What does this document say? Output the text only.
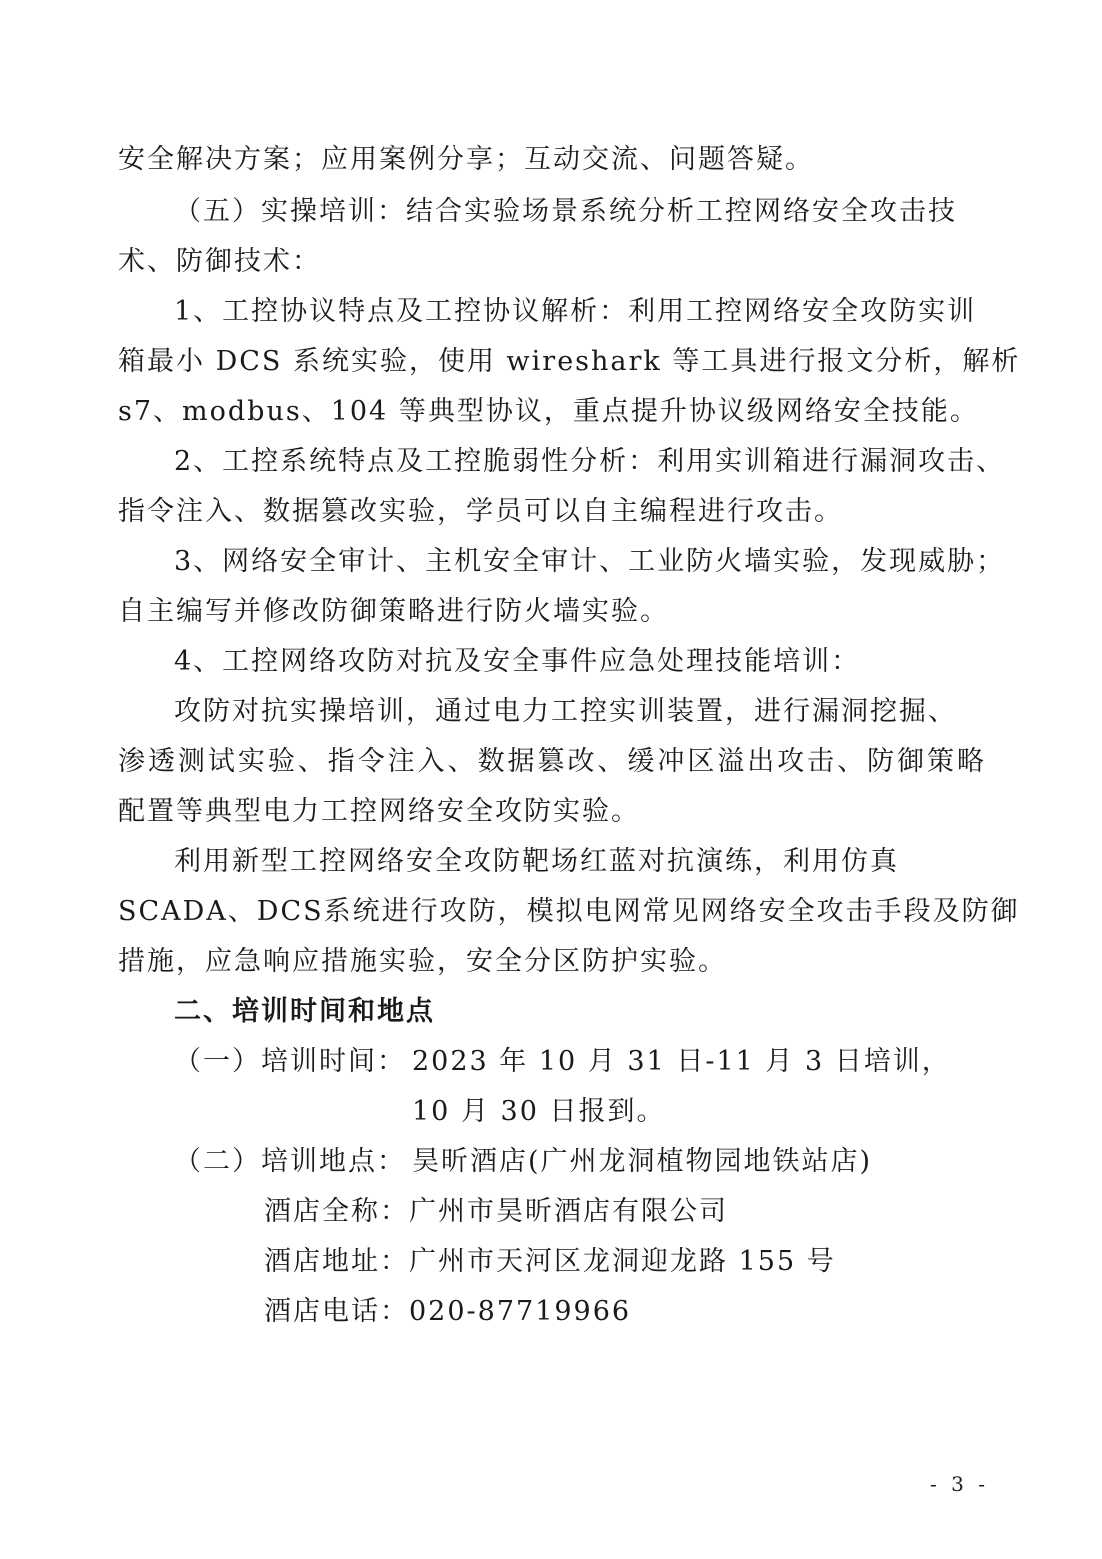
安全解决方案；应用案例分享；互动交流、问题答疑。
（五）实操培训：结合实验场景系统分析工控网络安全攻击技
术、防御技术：
1、工控协议特点及工控协议解析：利用工控网络安全攻防实训
箱最小 DCS 系统实验，使用 wireshark 等工具进行报文分析，解析
s7、modbus、104 等典型协议，重点提升协议级网络安全技能。
2、工控系统特点及工控脆弱性分析：利用实训箱进行漏洞攻击、
指令注入、数据篡改实验，学员可以自主编程进行攻击。
3、网络安全审计、主机安全审计、工业防火墙实验，发现威胁；
自主编写并修改防御策略进行防火墙实验。
4、工控网络攻防对抗及安全事件应急处理技能培训：
攻防对抗实操培训，通过电力工控实训装置，进行漏洞挖掘、
渗透测试实验、指令注入、数据篡改、缓冲区溢出攻击、防御策略
配置等典型电力工控网络安全攻防实验。
利用新型工控网络安全攻防靶场红蓝对抗演练，利用仿真
SCADA、DCS系统进行攻防，模拟电网常见网络安全攻击手段及防御
措施，应急响应措施实验，安全分区防护实验。
二、培训时间和地点
（一）培训时间： 2023 年 10 月 31 日-11 月 3 日培训，
10 月 30 日报到。
（二）培训地点： 昊昕酒店(广州龙洞植物园地铁站店)
酒店全称：广州市昊昕酒店有限公司
酒店地址：广州市天河区龙洞迎龙路 155 号
酒店电话：020-87719966
- 3 -
